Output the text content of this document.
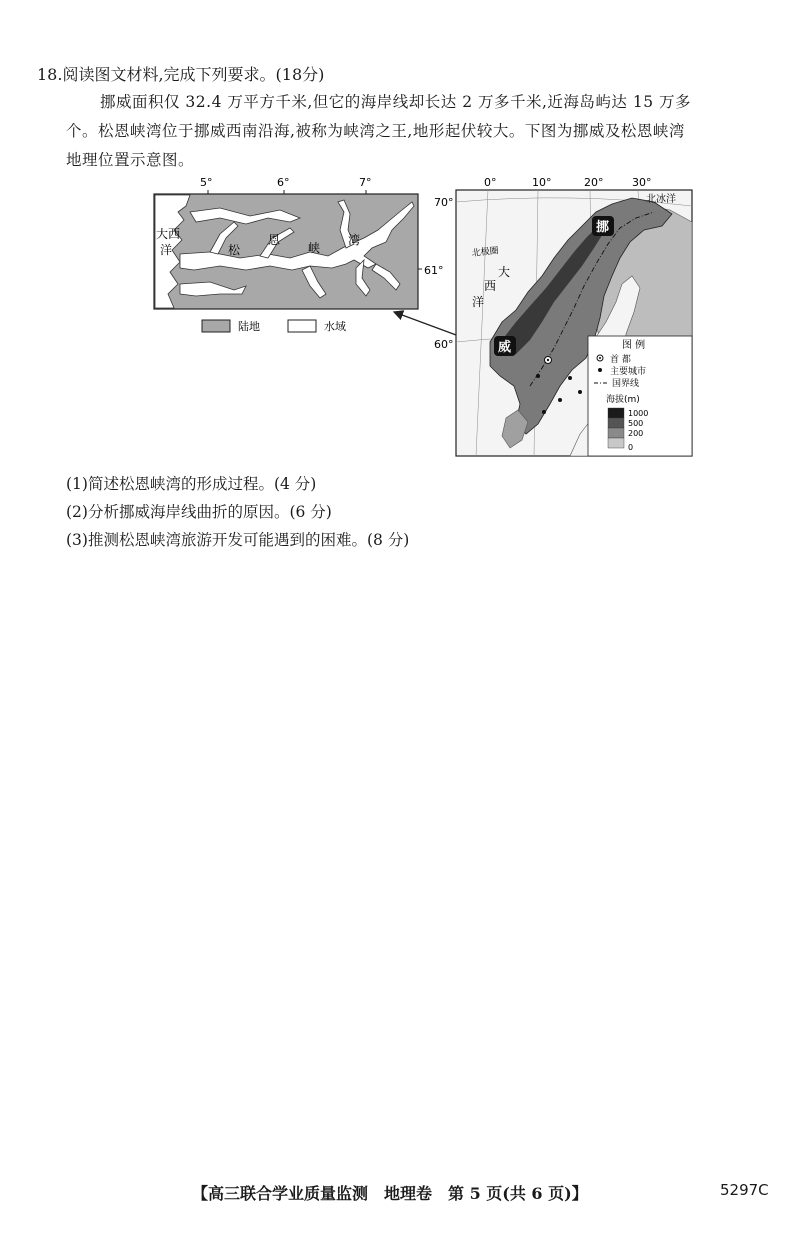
18.阅读图文材料,完成下列要求。(18分)
挪威面积仅 32.4 万平方千米,但它的海岸线却长达 2 万多千米,近海岛屿达 15 万多
个。松恩峡湾位于挪威西南沿海,被称为峡湾之王,地形起伏较大。下图为挪威及松恩峡湾
地理位置示意图。
5°	6°	7°
61°
大 西
洋	松
恩
峡
湾
陆地	水域
0°	10°	20°	30°
70°
60°
北冰洋
北极圈
大
西
洋
挪
威	图 例
首 都
主要城市
国界线
海拔(m)
1000
500
200
0
(1)简述松恩峡湾的形成过程。(4 分)
(2)分析挪威海岸线曲折的原因。(6 分)
(3)推测松恩峡湾旅游开发可能遇到的困难。(8 分)
【高三联合学业质量监测　地理卷　第 5 页(共 6 页)】	5297C
